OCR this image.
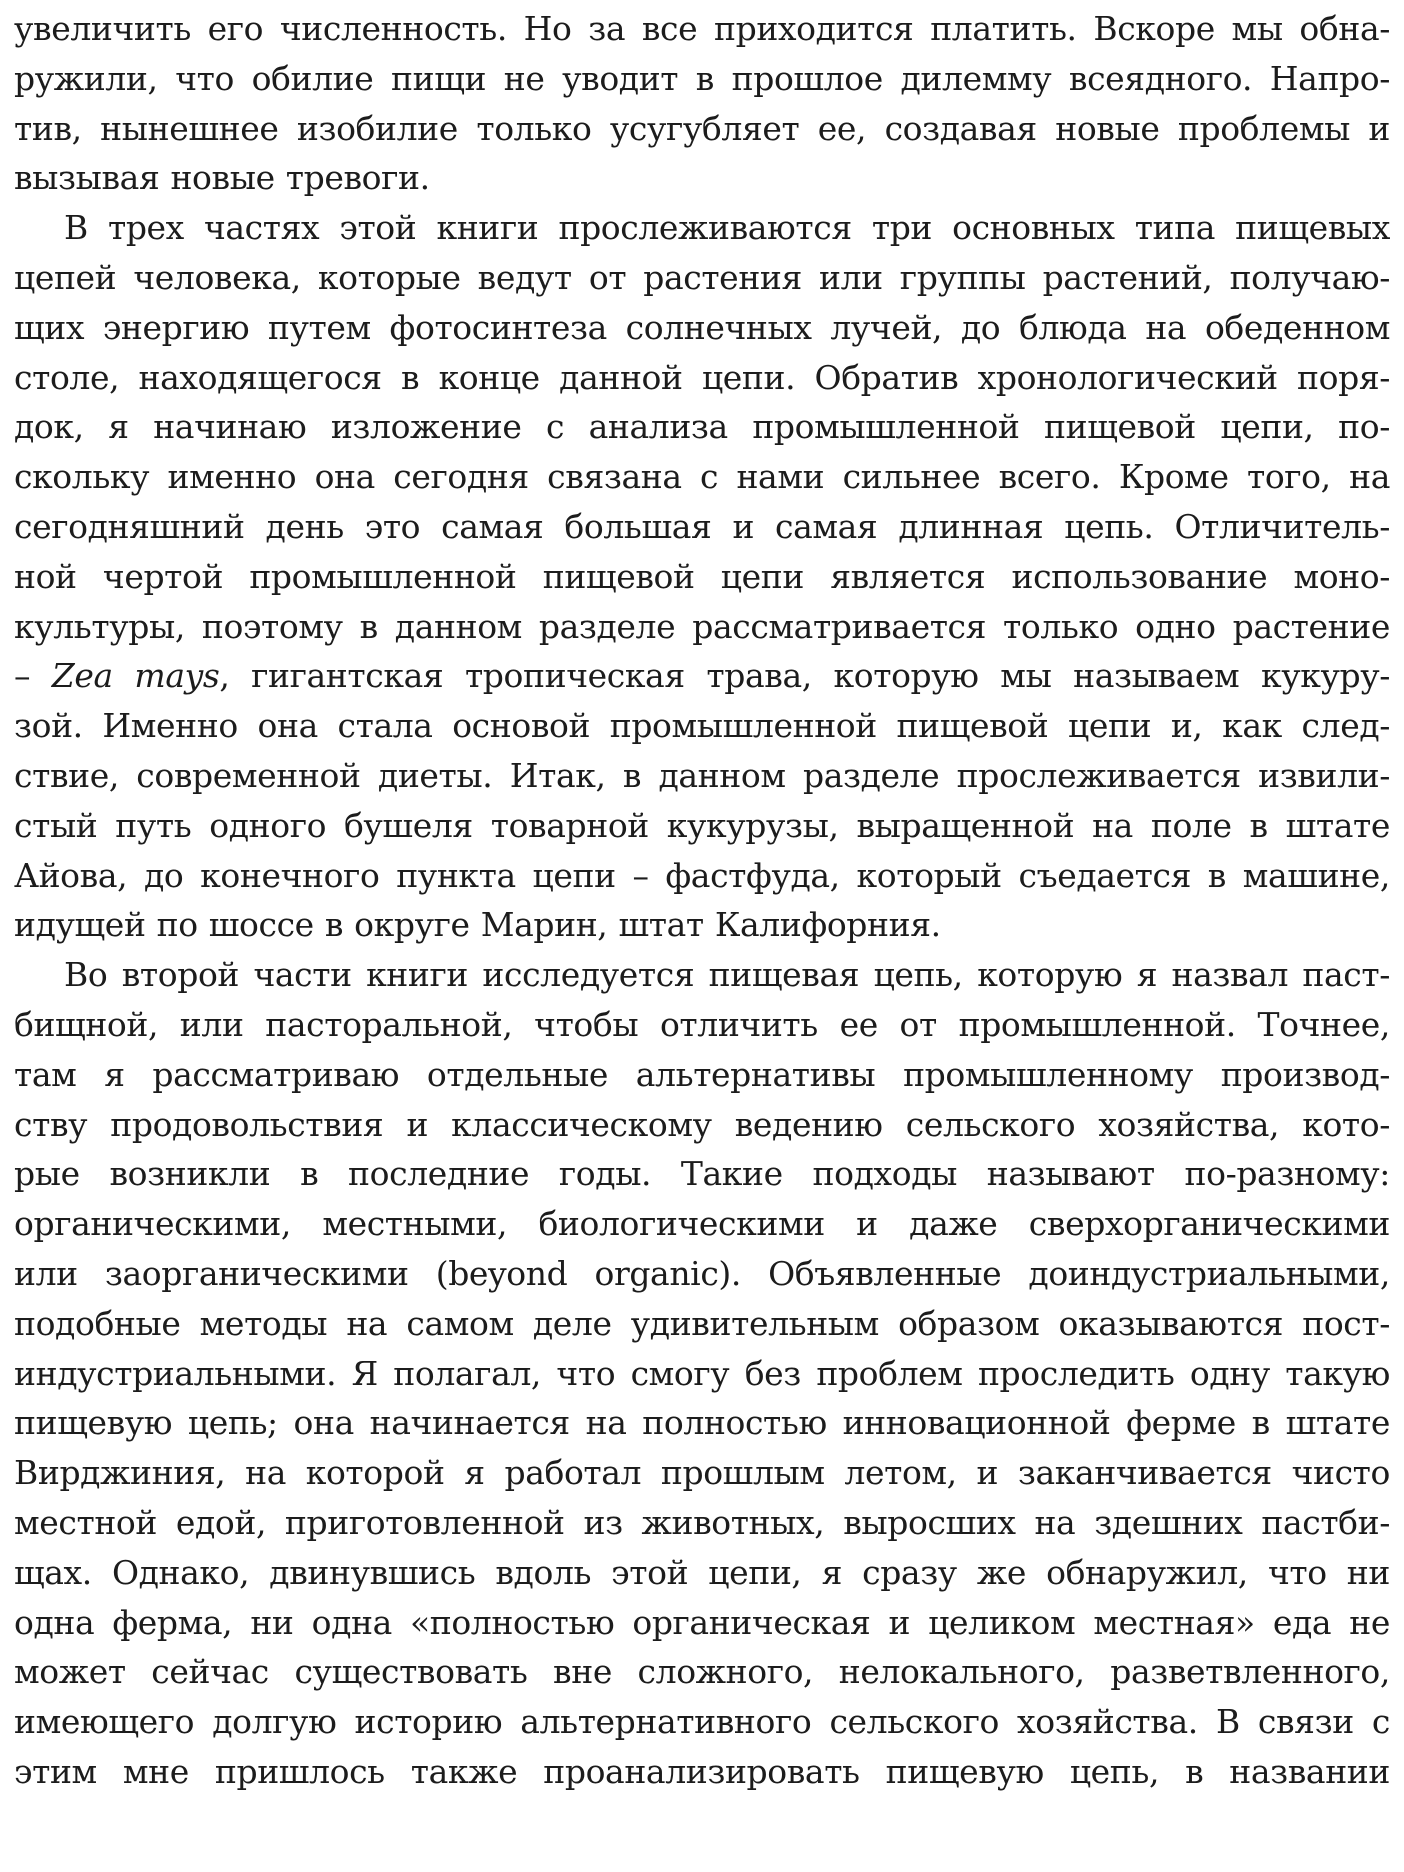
увеличить его численность. Но за все приходится платить. Вскоре мы обна-
ружили, что обилие пищи не уводит в прошлое дилемму всеядного. Напро-
тив, нынешнее изобилие только усугубляет ее, создавая новые проблемы и
вызывая новые тревоги.
В трех частях этой книги прослеживаются три основных типа пищевых
цепей человека, которые ведут от растения или группы растений, получаю-
щих энергию путем фотосинтеза солнечных лучей, до блюда на обеденном
столе, находящегося в конце данной цепи. Обратив хронологический поря-
док, я начинаю изложение с анализа промышленной пищевой цепи, по-
скольку именно она сегодня связана с нами сильнее всего. Кроме того, на
сегодняшний день это самая большая и самая длинная цепь. Отличитель-
ной чертой промышленной пищевой цепи является использование моно-
культуры, поэтому в данном разделе рассматривается только одно растение
– Zea mays, гигантская тропическая трава, которую мы называем кукуру-
зой. Именно она стала основой промышленной пищевой цепи и, как след-
ствие, современной диеты. Итак, в данном разделе прослеживается извили-
стый путь одного бушеля товарной кукурузы, выращенной на поле в штате
Айова, до конечного пункта цепи – фастфуда, который съедается в машине,
идущей по шоссе в округе Марин, штат Калифорния.
Во второй части книги исследуется пищевая цепь, которую я назвал паст-
бищной, или пасторальной, чтобы отличить ее от промышленной. Точнее,
там я рассматриваю отдельные альтернативы промышленному производ-
ству продовольствия и классическому ведению сельского хозяйства, кото-
рые возникли в последние годы. Такие подходы называют по-разному:
органическими, местными, биологическими и даже сверхорганическими
или заорганическими (beyond organic). Объявленные доиндустриальными,
подобные методы на самом деле удивительным образом оказываются пост-
индустриальными. Я полагал, что смогу без проблем проследить одну такую
пищевую цепь; она начинается на полностью инновационной ферме в штате
Вирджиния, на которой я работал прошлым летом, и заканчивается чисто
местной едой, приготовленной из животных, выросших на здешних пастби-
щах. Однако, двинувшись вдоль этой цепи, я сразу же обнаружил, что ни
одна ферма, ни одна «полностью органическая и целиком местная» еда не
может сейчас существовать вне сложного, нелокального, разветвленного,
имеющего долгую историю альтернативного сельского хозяйства. В связи с
этим мне пришлось также проанализировать пищевую цепь, в названии
